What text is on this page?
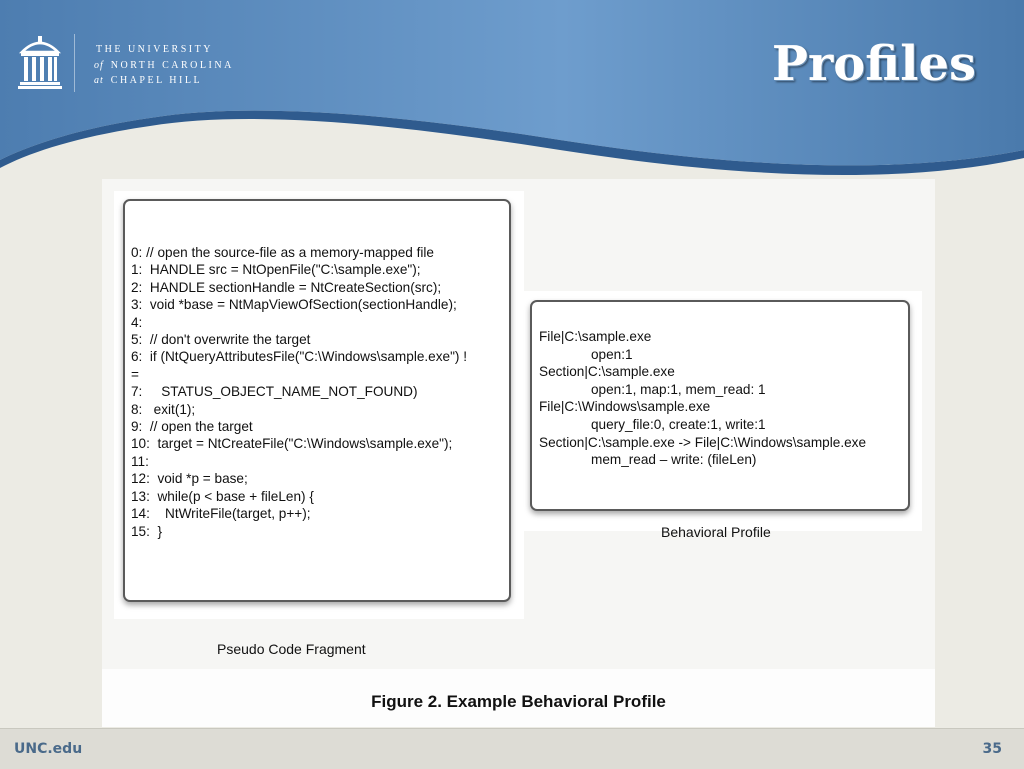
THE UNIVERSITY
of NORTH CAROLINA
at CHAPEL HILL	Profiles
0: // open the source-file as a memory-mapped file
1:  HANDLE src = NtOpenFile("C:\sample.exe");
2:  HANDLE sectionHandle = NtCreateSection(src);
3:  void *base = NtMapViewOfSection(sectionHandle);
4:
5:  // don't overwrite the target
6:  if (NtQueryAttributesFile("C:\Windows\sample.exe") !
=
7:     STATUS_OBJECT_NAME_NOT_FOUND)
8:   exit(1);
9:  // open the target
10:  target = NtCreateFile("C:\Windows\sample.exe");
11:
12:  void *p = base;
13:  while(p < base + fileLen) {
14:    NtWriteFile(target, p++);
15:  }
Pseudo Code Fragment
File|C:\sample.exe
open:1
Section|C:\sample.exe
open:1, map:1, mem_read: 1
File|C:\Windows\sample.exe
query_file:0, create:1, write:1
Section|C:\sample.exe -> File|C:\Windows\sample.exe
mem_read – write: (fileLen)
Behavioral Profile
Figure 2. Example Behavioral Profile
UNC.edu	35
